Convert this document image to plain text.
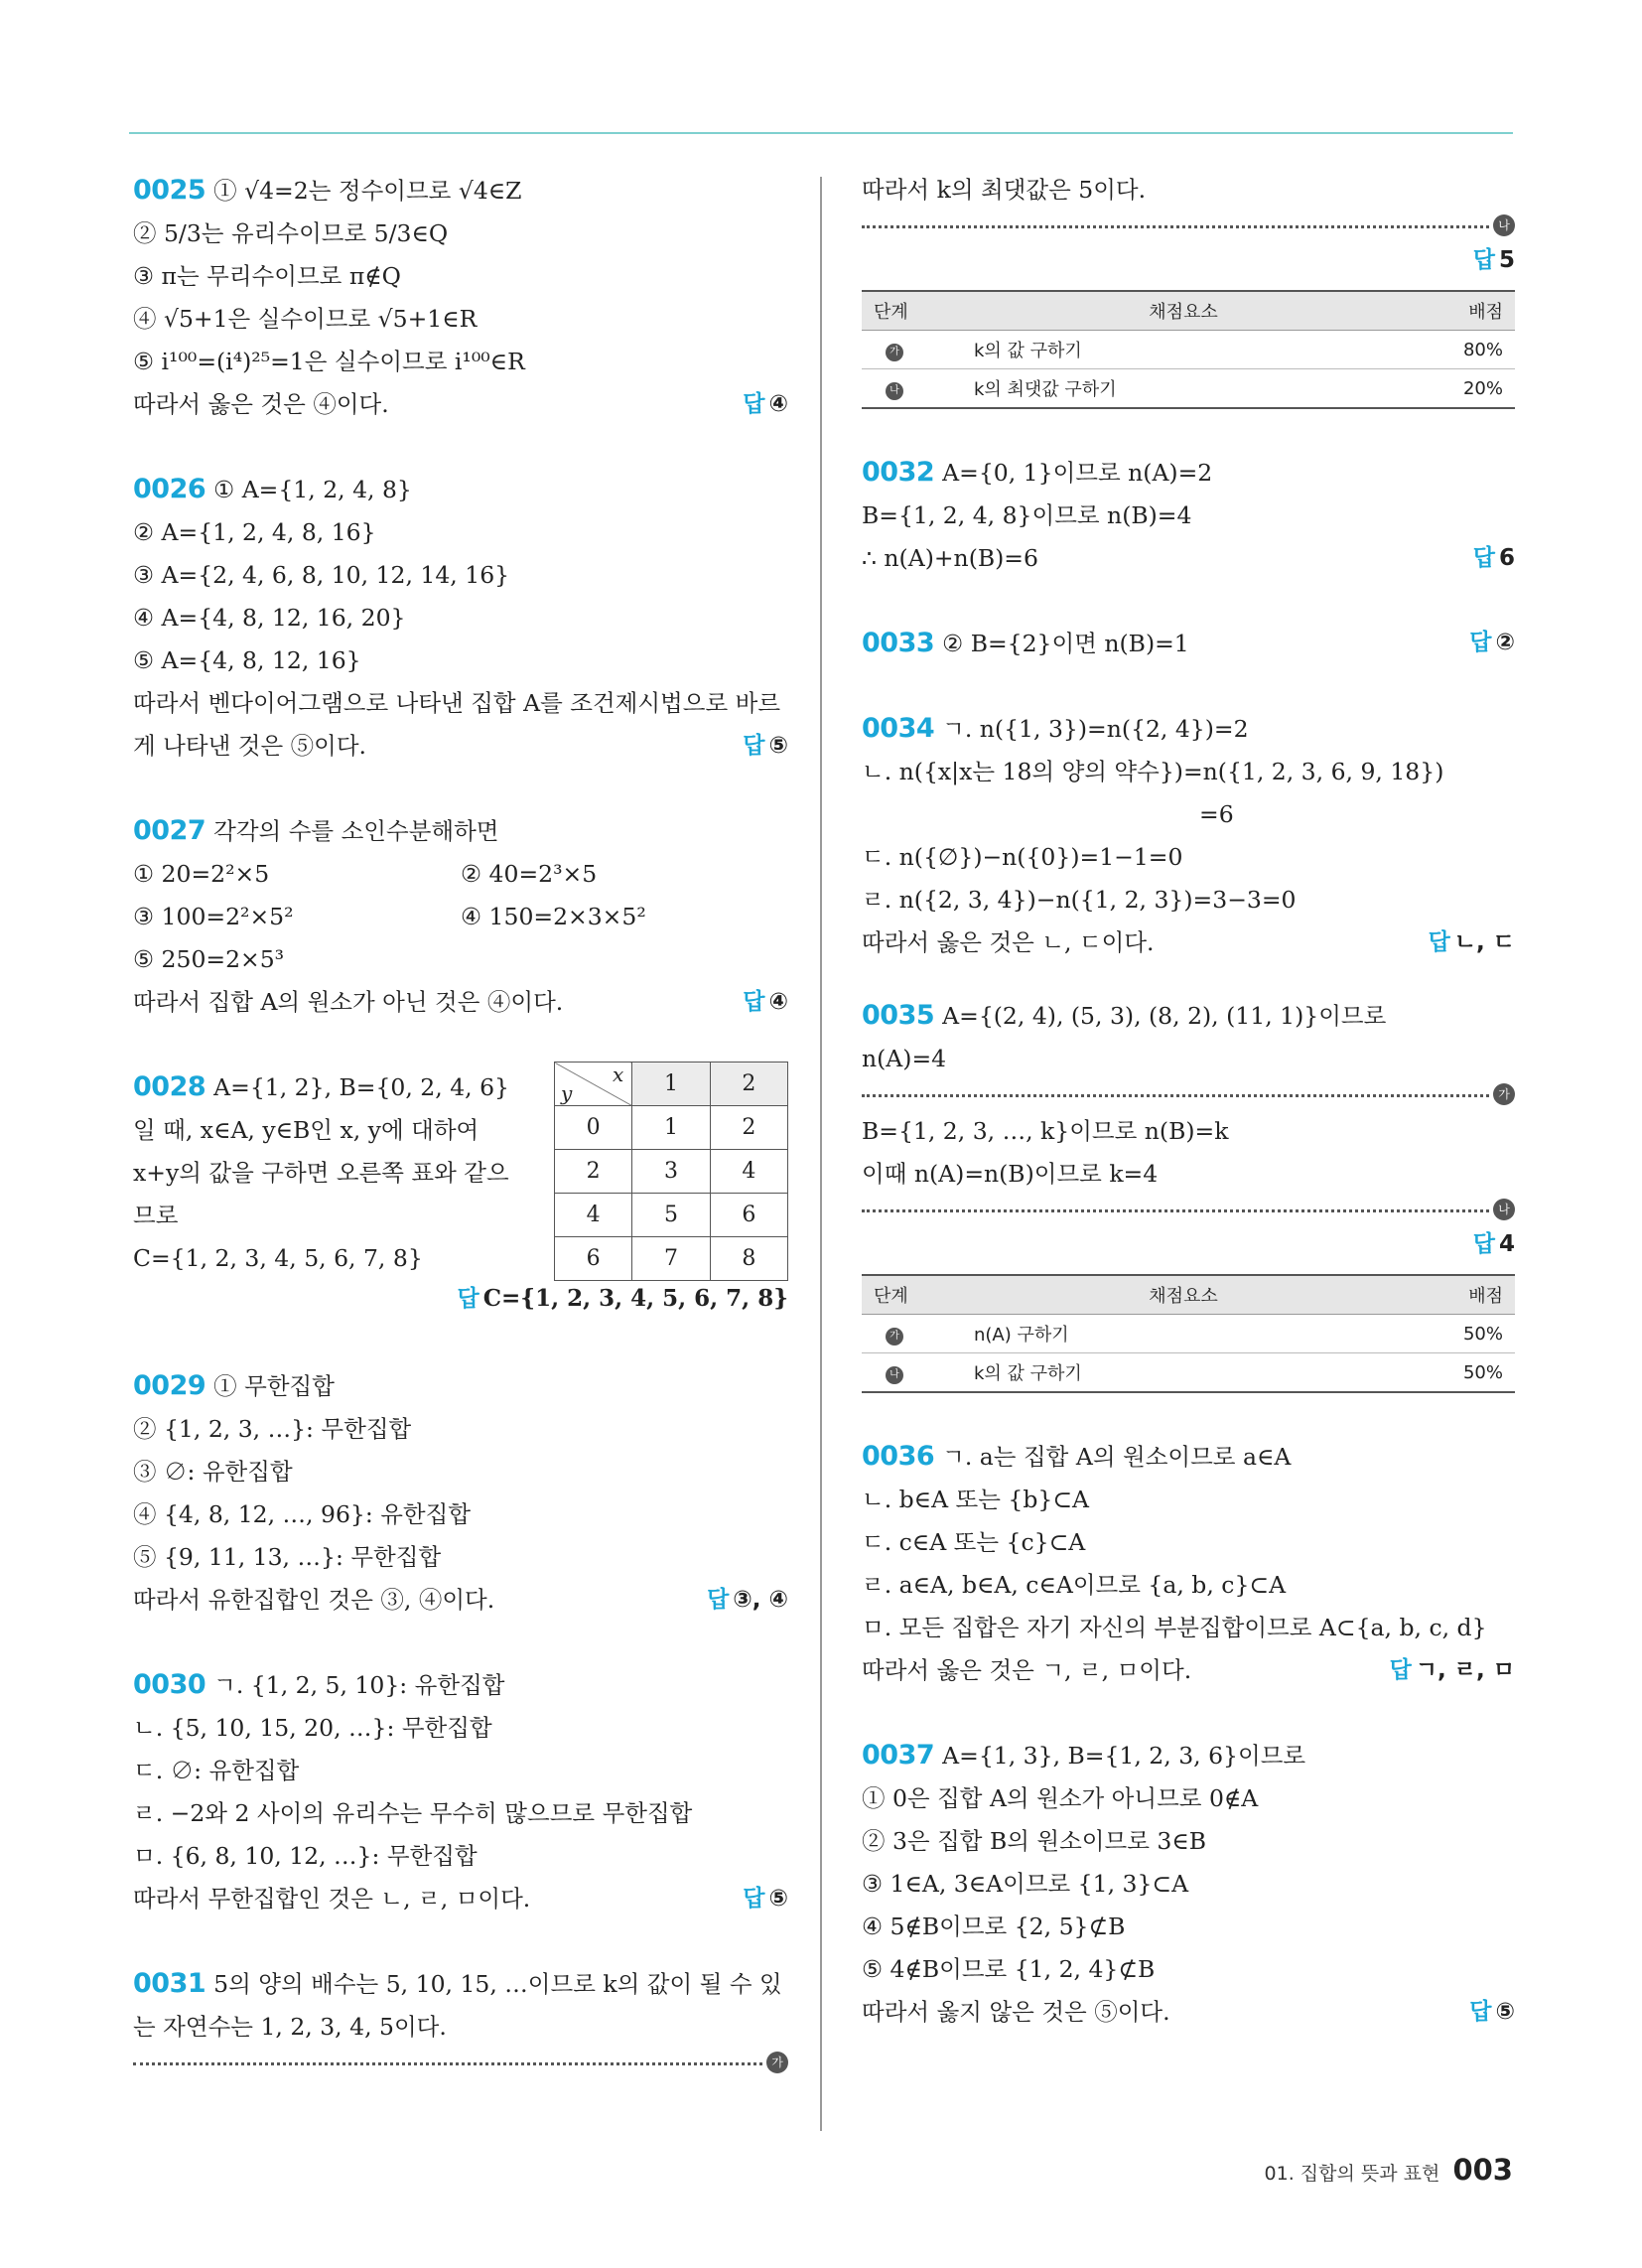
0025 ① √4=2는 정수이므로 √4∈Z
② 5/3는 유리수이므로 5/3∈Q
③ π는 무리수이므로 π∉Q
④ √5+1은 실수이므로 √5+1∈R
⑤ i¹⁰⁰=(i⁴)²⁵=1은 실수이므로 i¹⁰⁰∈R
따라서 옳은 것은 ④이다.	답 ④
0026 ① A={1, 2, 4, 8}
② A={1, 2, 4, 8, 16}
③ A={2, 4, 6, 8, 10, 12, 14, 16}
④ A={4, 8, 12, 16, 20}
⑤ A={4, 8, 12, 16}
따라서 벤다이어그램으로 나타낸 집합 A를 조건제시법으로 바르
게 나타낸 것은 ⑤이다.	답 ⑤
0027 각각의 수를 소인수분해하면
① 20=2²×5	② 40=2³×5
③ 100=2²×5²	④ 150=2×3×5²
⑤ 250=2×5³
따라서 집합 A의 원소가 아닌 것은 ④이다.	답 ④
x
y	1	2
0	1	2
2	3	4
4	5	6
6	7	8
0028 A={1, 2}, B={0, 2, 4, 6}
일 때, x∈A, y∈B인 x, y에 대하여
x+y의 값을 구하면 오른쪽 표와 같으
므로
C={1, 2, 3, 4, 5, 6, 7, 8}
답 C={1, 2, 3, 4, 5, 6, 7, 8}
0029 ① 무한집합
② {1, 2, 3, …}: 무한집합
③ ∅: 유한집합
④ {4, 8, 12, …, 96}: 유한집합
⑤ {9, 11, 13, …}: 무한집합
따라서 유한집합인 것은 ③, ④이다.	답 ③, ④
0030 ㄱ. {1, 2, 5, 10}: 유한집합
ㄴ. {5, 10, 15, 20, …}: 무한집합
ㄷ. ∅: 유한집합
ㄹ. −2와 2 사이의 유리수는 무수히 많으므로 무한집합
ㅁ. {6, 8, 10, 12, …}: 무한집합
따라서 무한집합인 것은 ㄴ, ㄹ, ㅁ이다.	답 ⑤
0031 5의 양의 배수는 5, 10, 15, …이므로 k의 값이 될 수 있
는 자연수는 1, 2, 3, 4, 5이다.
가
따라서 k의 최댓값은 5이다.
나
답 5
단계	채점요소	배점
가	k의 값 구하기	80%
나	k의 최댓값 구하기	20%
0032 A={0, 1}이므로 n(A)=2
B={1, 2, 4, 8}이므로 n(B)=4
∴ n(A)+n(B)=6	답 6
0033 ② B={2}이면 n(B)=1	답 ②
0034 ㄱ. n({1, 3})=n({2, 4})=2
ㄴ. n({x|x는 18의 양의 약수})=n({1, 2, 3, 6, 9, 18})
=6
ㄷ. n({∅})−n({0})=1−1=0
ㄹ. n({2, 3, 4})−n({1, 2, 3})=3−3=0
따라서 옳은 것은 ㄴ, ㄷ이다.	답 ㄴ, ㄷ
0035 A={(2, 4), (5, 3), (8, 2), (11, 1)}이므로
n(A)=4
가
B={1, 2, 3, …, k}이므로 n(B)=k
이때 n(A)=n(B)이므로 k=4
나
답 4
단계	채점요소	배점
가	n(A) 구하기	50%
나	k의 값 구하기	50%
0036 ㄱ. a는 집합 A의 원소이므로 a∈A
ㄴ. b∈A 또는 {b}⊂A
ㄷ. c∈A 또는 {c}⊂A
ㄹ. a∈A, b∈A, c∈A이므로 {a, b, c}⊂A
ㅁ. 모든 집합은 자기 자신의 부분집합이므로 A⊂{a, b, c, d}
따라서 옳은 것은 ㄱ, ㄹ, ㅁ이다.	답 ㄱ, ㄹ, ㅁ
0037 A={1, 3}, B={1, 2, 3, 6}이므로
① 0은 집합 A의 원소가 아니므로 0∉A
② 3은 집합 B의 원소이므로 3∈B
③ 1∈A, 3∈A이므로 {1, 3}⊂A
④ 5∉B이므로 {2, 5}⊄B
⑤ 4∉B이므로 {1, 2, 4}⊄B
따라서 옳지 않은 것은 ⑤이다.	답 ⑤
01. 집합의 뜻과 표현 003
